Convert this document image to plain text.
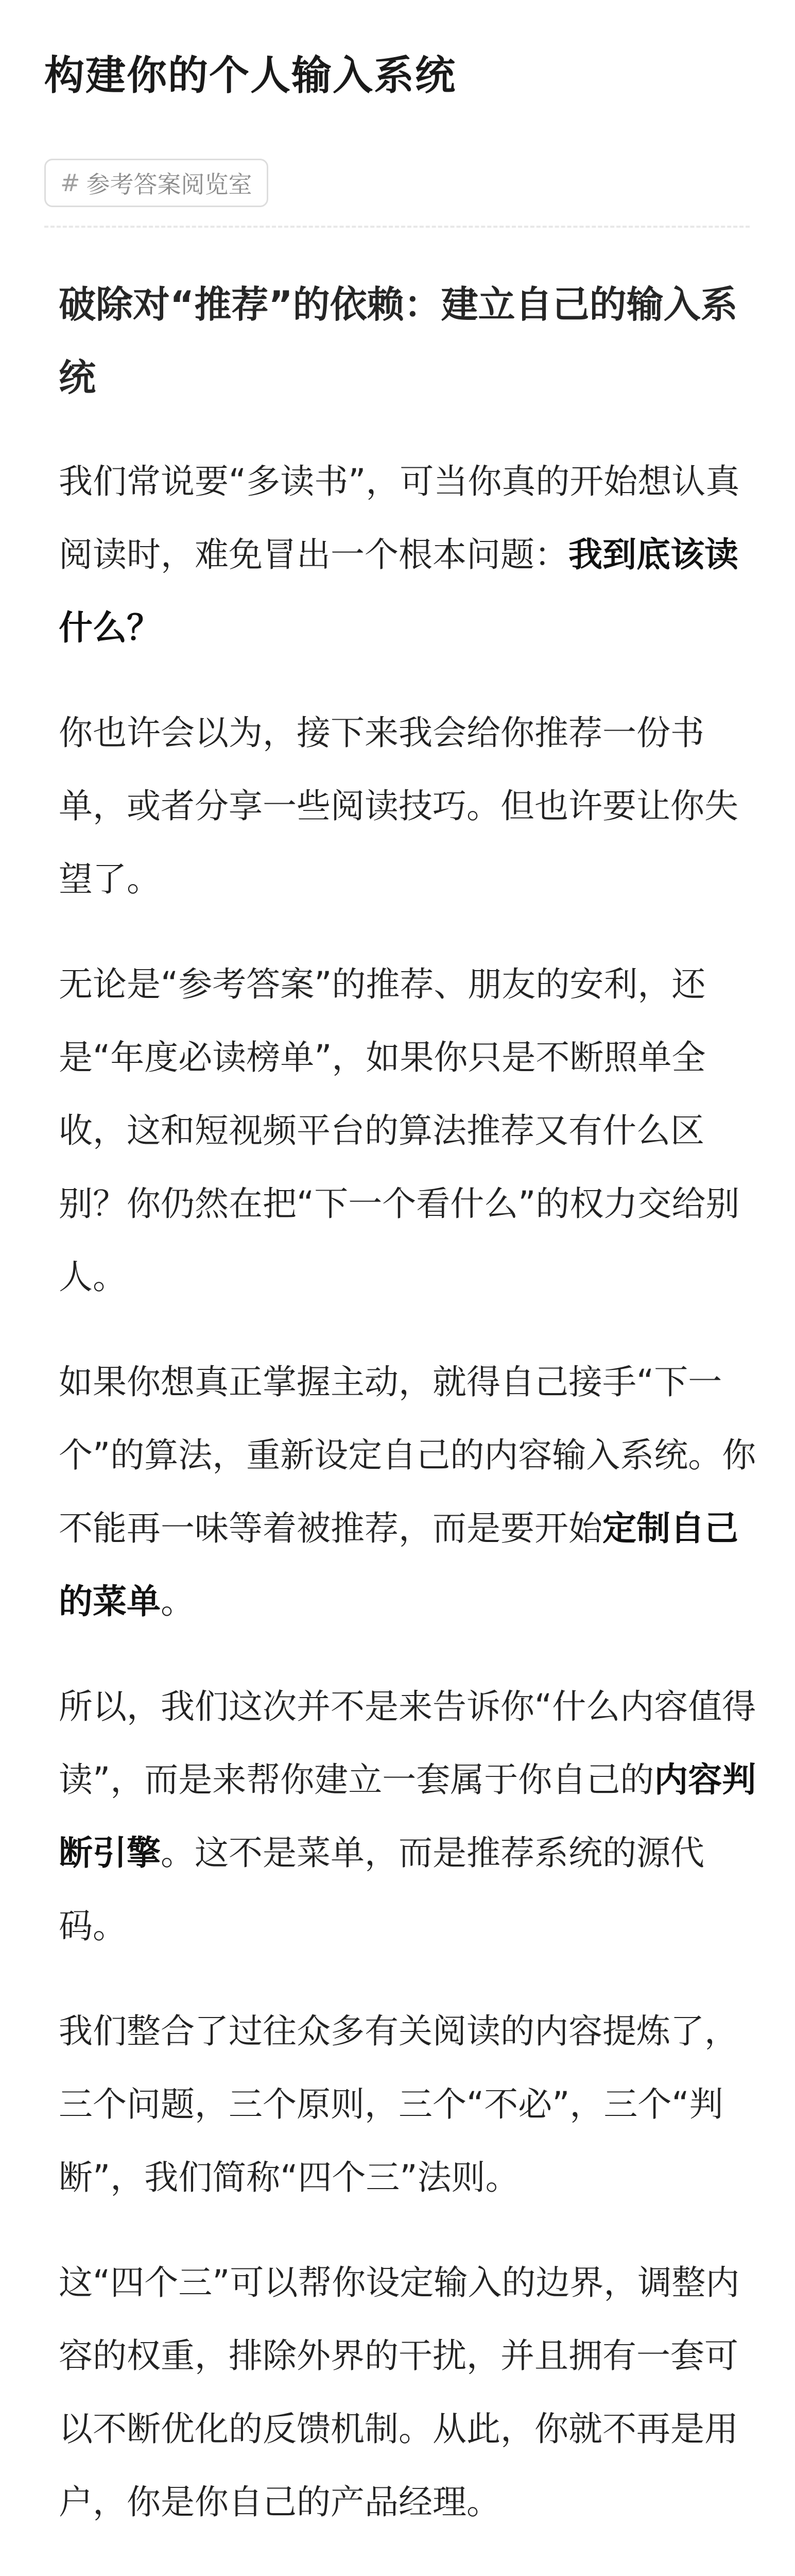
构建你的个人输入系统
# 参考答案阅览室
破除对“推荐”的依赖：建立自己的输入系统

我们常说要“多读书”，可当你真的开始想认真阅读时，难免冒出一个根本问题：我到底该读什么？

你也许会以为，接下来我会给你推荐一份书单，或者分享一些阅读技巧。但也许要让你失望了。

无论是“参考答案”的推荐、朋友的安利，还是“年度必读榜单”，如果你只是不断照单全收，这和短视频平台的算法推荐又有什么区别？你仍然在把“下一个看什么”的权力交给别人。

如果你想真正掌握主动，就得自己接手“下一个”的算法，重新设定自己的内容输入系统。你不能再一味等着被推荐，而是要开始定制自己的菜单。

所以，我们这次并不是来告诉你“什么内容值得读”，而是来帮你建立一套属于你自己的内容判断引擎。这不是菜单，而是推荐系统的源代码。

我们整合了过往众多有关阅读的内容提炼了，三个问题，三个原则，三个“不必”，三个“判断”，我们简称“四个三”法则。

这“四个三”可以帮你设定输入的边界，调整内容的权重，排除外界的干扰，并且拥有一套可以不断优化的反馈机制。从此，你就不再是用户，你是你自己的产品经理。
